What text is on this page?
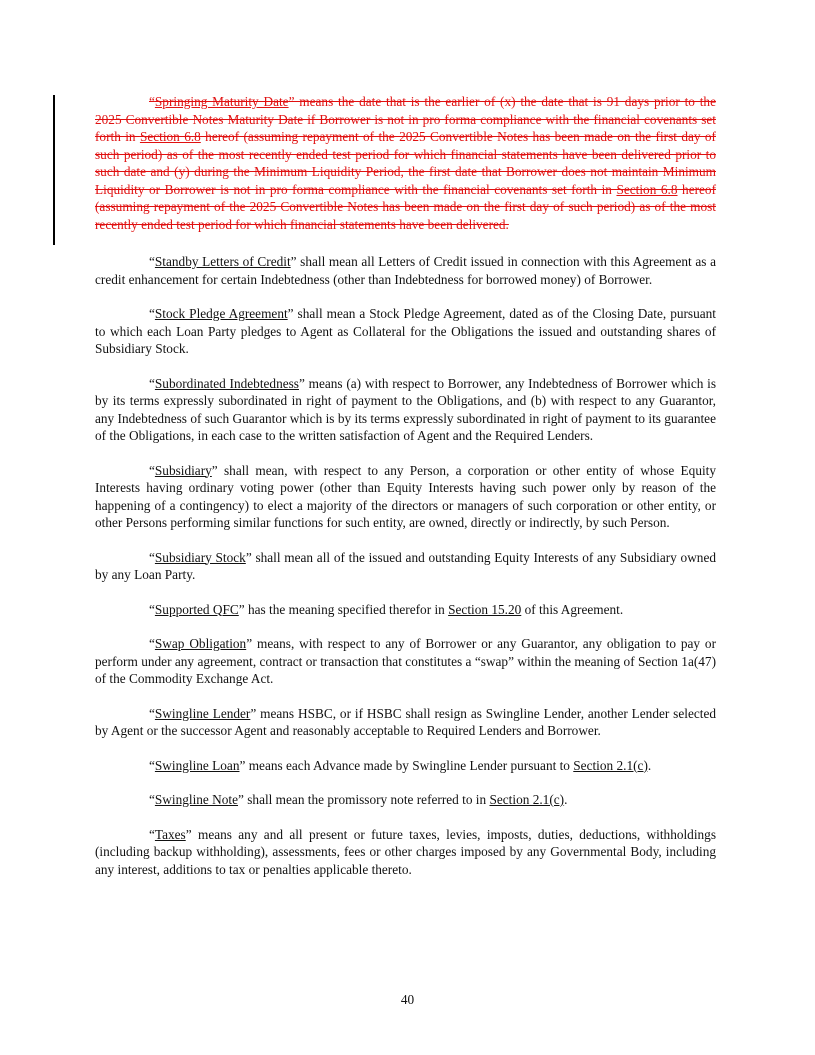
“Springing Maturity Date” means the date that is the earlier of (x) the date that is 91 days prior to the 2025 Convertible Notes Maturity Date if Borrower is not in pro forma compliance with the financial covenants set forth in Section 6.8 hereof (assuming repayment of the 2025 Convertible Notes has been made on the first day of such period) as of the most recently ended test period for which financial statements have been delivered prior to such date and (y) during the Minimum Liquidity Period, the first date that Borrower does not maintain Minimum Liquidity or Borrower is not in pro forma compliance with the financial covenants set forth in Section 6.8 hereof (assuming repayment of the 2025 Convertible Notes has been made on the first day of such period) as of the most recently ended test period for which financial statements have been delivered.

“Standby Letters of Credit” shall mean all Letters of Credit issued in connection with this Agreement as a credit enhancement for certain Indebtedness (other than Indebtedness for borrowed money) of Borrower.

“Stock Pledge Agreement” shall mean a Stock Pledge Agreement, dated as of the Closing Date, pursuant to which each Loan Party pledges to Agent as Collateral for the Obligations the issued and outstanding shares of Subsidiary Stock.

“Subordinated Indebtedness” means (a) with respect to Borrower, any Indebtedness of Borrower which is by its terms expressly subordinated in right of payment to the Obligations, and (b) with respect to any Guarantor, any Indebtedness of such Guarantor which is by its terms expressly subordinated in right of payment to its guarantee of the Obligations, in each case to the written satisfaction of Agent and the Required Lenders.

“Subsidiary” shall mean, with respect to any Person, a corporation or other entity of whose Equity Interests having ordinary voting power (other than Equity Interests having such power only by reason of the happening of a contingency) to elect a majority of the directors or managers of such corporation or other entity, or other Persons performing similar functions for such entity, are owned, directly or indirectly, by such Person.

“Subsidiary Stock” shall mean all of the issued and outstanding Equity Interests of any Subsidiary owned by any Loan Party.

“Supported QFC” has the meaning specified therefor in Section 15.20 of this Agreement.

“Swap Obligation” means, with respect to any of Borrower or any Guarantor, any obligation to pay or perform under any agreement, contract or transaction that constitutes a “swap” within the meaning of Section 1a(47) of the Commodity Exchange Act.

“Swingline Lender” means HSBC, or if HSBC shall resign as Swingline Lender, another Lender selected by Agent or the successor Agent and reasonably acceptable to Required Lenders and Borrower.

“Swingline Loan” means each Advance made by Swingline Lender pursuant to Section 2.1(c).

“Swingline Note” shall mean the promissory note referred to in Section 2.1(c).

“Taxes” means any and all present or future taxes, levies, imposts, duties, deductions, withholdings (including backup withholding), assessments, fees or other charges imposed by any Governmental Body, including any interest, additions to tax or penalties applicable thereto.

40
